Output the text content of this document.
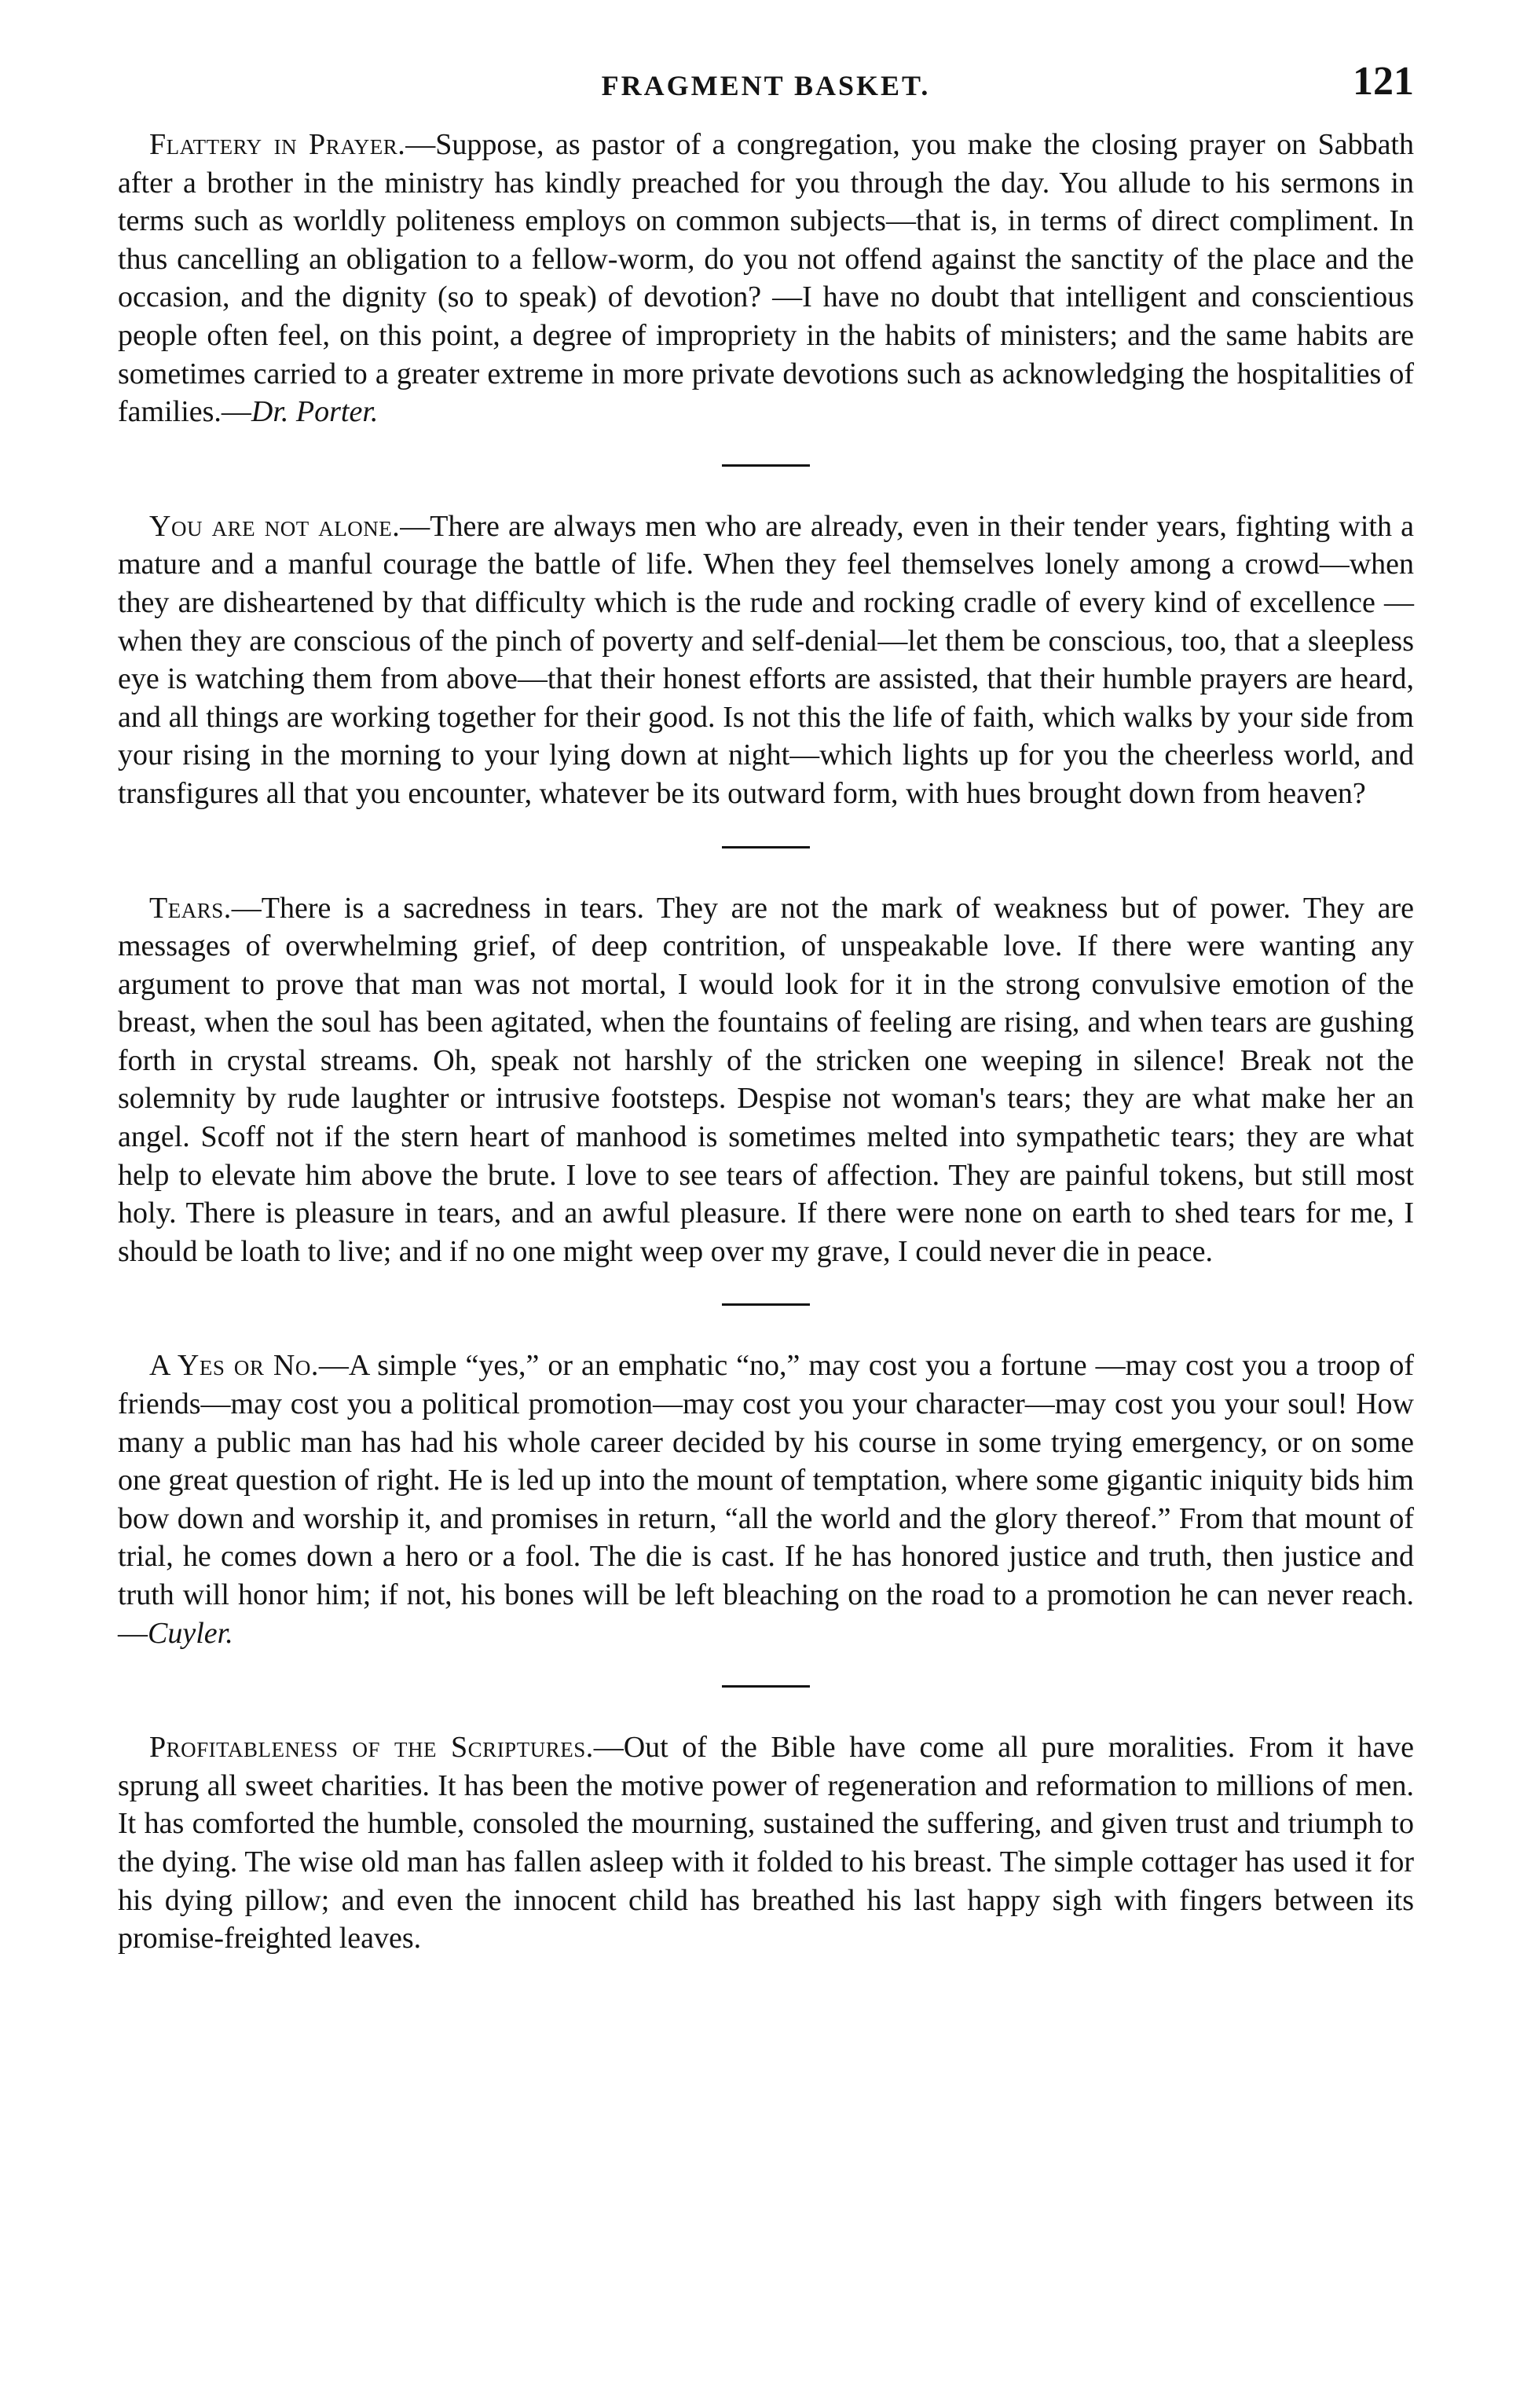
FRAGMENT BASKET.	121

Flattery in Prayer.—Suppose, as pastor of a congregation, you make the closing prayer on Sabbath after a brother in the ministry has kindly preached for you through the day. You allude to his sermons in terms such as worldly politeness employs on common subjects—that is, in terms of direct compliment. In thus cancelling an obligation to a fellow-worm, do you not offend against the sanctity of the place and the occasion, and the dignity (so to speak) of devotion? —I have no doubt that intelligent and conscientious people often feel, on this point, a degree of impropriety in the habits of ministers; and the same habits are sometimes carried to a greater extreme in more private devotions such as acknowledging the hospitalities of families.—Dr. Porter.

You are not alone.—There are always men who are already, even in their tender years, fighting with a mature and a manful courage the battle of life. When they feel themselves lonely among a crowd—when they are disheartened by that difficulty which is the rude and rocking cradle of every kind of excellence —when they are conscious of the pinch of poverty and self-denial—let them be conscious, too, that a sleepless eye is watching them from above—that their honest efforts are assisted, that their humble prayers are heard, and all things are working together for their good. Is not this the life of faith, which walks by your side from your rising in the morning to your lying down at night—which lights up for you the cheerless world, and transfigures all that you encounter, whatever be its outward form, with hues brought down from heaven?

Tears.—There is a sacredness in tears. They are not the mark of weakness but of power. They are messages of overwhelming grief, of deep contrition, of unspeakable love. If there were wanting any argument to prove that man was not mortal, I would look for it in the strong convulsive emotion of the breast, when the soul has been agitated, when the fountains of feeling are rising, and when tears are gushing forth in crystal streams. Oh, speak not harshly of the stricken one weeping in silence! Break not the solemnity by rude laughter or intrusive footsteps. Despise not woman's tears; they are what make her an angel. Scoff not if the stern heart of manhood is sometimes melted into sympathetic tears; they are what help to elevate him above the brute. I love to see tears of affection. They are painful tokens, but still most holy. There is pleasure in tears, and an awful pleasure. If there were none on earth to shed tears for me, I should be loath to live; and if no one might weep over my grave, I could never die in peace.

A Yes or No.—A simple “yes,” or an emphatic “no,” may cost you a fortune —may cost you a troop of friends—may cost you a political promotion—may cost you your character—may cost you your soul! How many a public man has had his whole career decided by his course in some trying emergency, or on some one great question of right. He is led up into the mount of temptation, where some gigantic iniquity bids him bow down and worship it, and promises in return, “all the world and the glory thereof.” From that mount of trial, he comes down a hero or a fool. The die is cast. If he has honored justice and truth, then justice and truth will honor him; if not, his bones will be left bleaching on the road to a promotion he can never reach.—Cuyler.

Profitableness of the Scriptures.—Out of the Bible have come all pure moralities. From it have sprung all sweet charities. It has been the motive power of regeneration and reformation to millions of men. It has comforted the humble, consoled the mourning, sustained the suffering, and given trust and triumph to the dying. The wise old man has fallen asleep with it folded to his breast. The simple cottager has used it for his dying pillow; and even the innocent child has breathed his last happy sigh with fingers between its promise-freighted leaves.
